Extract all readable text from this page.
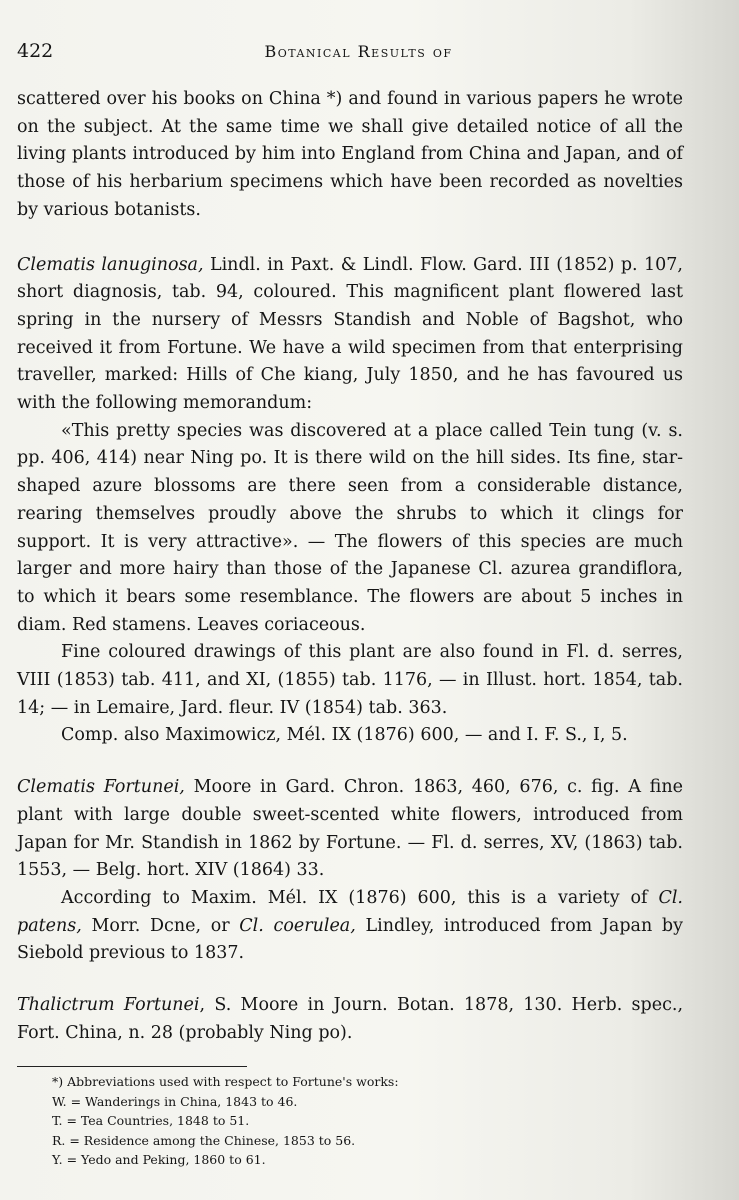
422	Botanical Results of

scattered over his books on China *) and found in various papers he wrote on the subject. At the same time we shall give detailed notice of all the living plants introduced by him into England from China and Japan, and of those of his herbarium specimens which have been recorded as novelties by various botanists.

Clematis lanuginosa, Lindl. in Paxt. & Lindl. Flow. Gard. III (1852) p. 107, short diagnosis, tab. 94, coloured. This magnificent plant flowered last spring in the nursery of Messrs Standish and Noble of Bagshot, who received it from Fortune. We have a wild specimen from that enterprising traveller, marked: Hills of Che kiang, July 1850, and he has favoured us with the following memorandum:

«This pretty species was discovered at a place called Tein tung (v. s. pp. 406, 414) near Ning po. It is there wild on the hill sides. Its fine, star-shaped azure blossoms are there seen from a considerable distance, rearing themselves proudly above the shrubs to which it clings for support. It is very attractive». — The flowers of this species are much larger and more hairy than those of the Japanese Cl. azurea grandiflora, to which it bears some resemblance. The flowers are about 5 inches in diam. Red stamens. Leaves coriaceous.

Fine coloured drawings of this plant are also found in Fl. d. serres, VIII (1853) tab. 411, and XI, (1855) tab. 1176, — in Illust. hort. 1854, tab. 14; — in Lemaire, Jard. fleur. IV (1854) tab. 363.

Comp. also Maximowicz, Mél. IX (1876) 600, — and I. F. S., I, 5.

Clematis Fortunei, Moore in Gard. Chron. 1863, 460, 676, c. fig. A fine plant with large double sweet-scented white flowers, introduced from Japan for Mr. Standish in 1862 by Fortune. — Fl. d. serres, XV, (1863) tab. 1553, — Belg. hort. XIV (1864) 33.

According to Maxim. Mél. IX (1876) 600, this is a variety of Cl. patens, Morr. Dcne, or Cl. coerulea, Lindley, introduced from Japan by Siebold previous to 1837.

Thalictrum Fortunei, S. Moore in Journ. Botan. 1878, 130. Herb. spec., Fort. China, n. 28 (probably Ning po).

*) Abbreviations used with respect to Fortune's works:
W. = Wanderings in China, 1843 to 46.
T. = Tea Countries, 1848 to 51.
R. = Residence among the Chinese, 1853 to 56.
Y. = Yedo and Peking, 1860 to 61.
